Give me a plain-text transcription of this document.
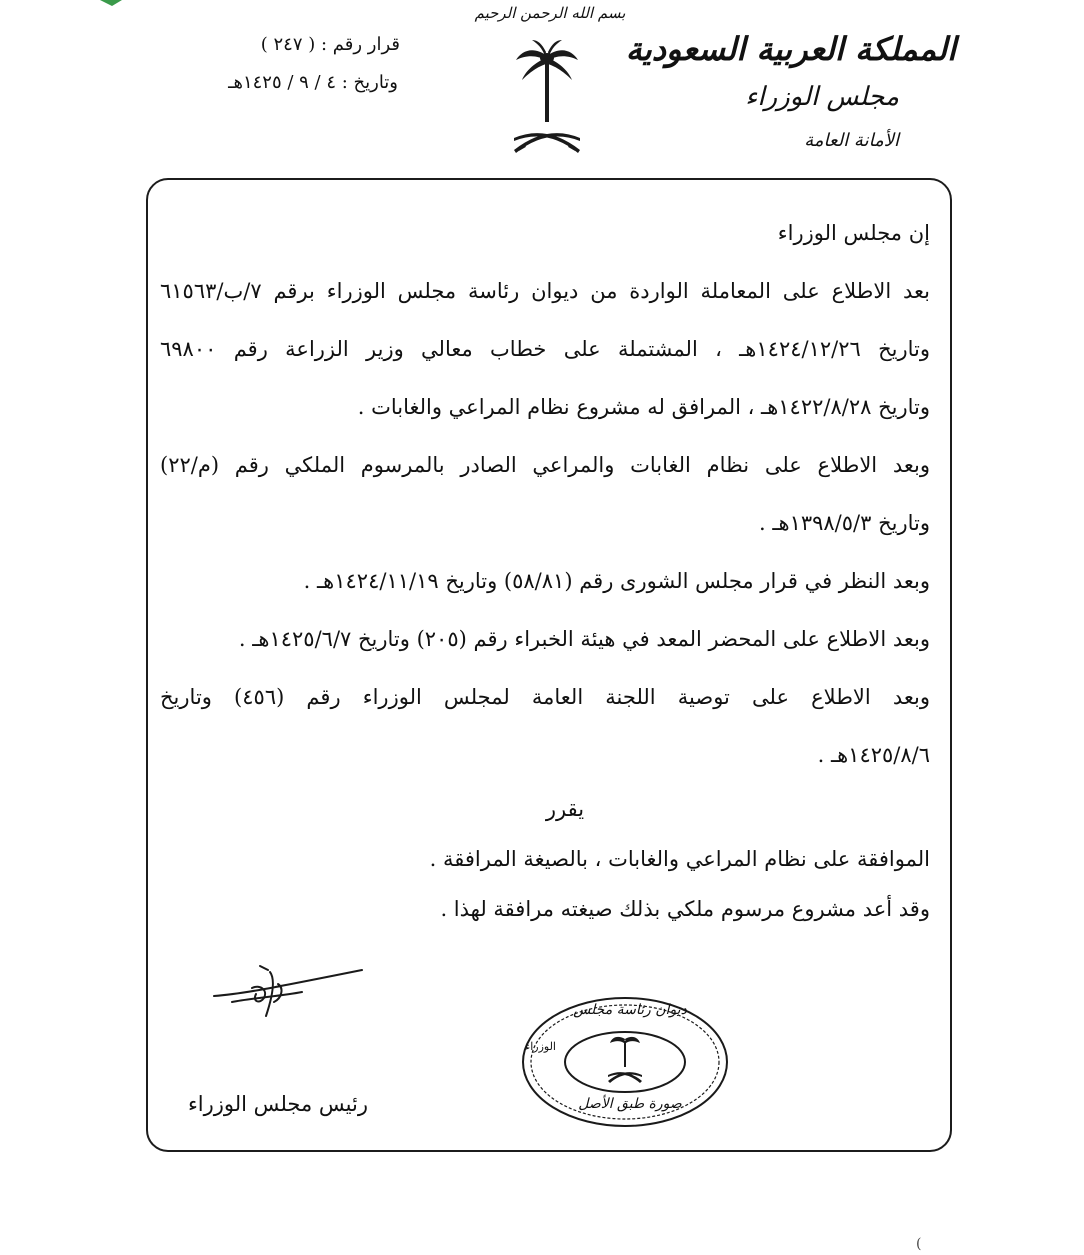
بسم الله الرحمن الرحيم
المملكة العربية السعودية
مجلس الوزراء
الأمانة العامة
قرار رقم : ( ٢٤٧ )
وتاريخ : ٤ / ٩ / ١٤٢٥هـ
إن مجلس الوزراء
بعد الاطلاع على المعاملة الواردة من ديوان رئاسة مجلس الوزراء برقم ٧/ب/٦١٥٦٣
وتاريخ ١٤٢٤/١٢/٢٦هـ ، المشتملة على خطاب معالي وزير الزراعة رقم ٦٩٨٠٠
وتاريخ ١٤٢٢/٨/٢٨هـ ، المرافق له مشروع نظام المراعي والغابات .
وبعد الاطلاع على نظام الغابات والمراعي الصادر بالمرسوم الملكي رقم (م/٢٢)
وتاريخ ١٣٩٨/٥/٣هـ .
وبعد النظر في قرار مجلس الشورى رقم (٥٨/٨١) وتاريخ ١٤٢٤/١١/١٩هـ .
وبعد الاطلاع على المحضر المعد في هيئة الخبراء رقم (٢٠٥) وتاريخ ١٤٢٥/٦/٧هـ .
وبعد الاطلاع على توصية اللجنة العامة لمجلس الوزراء رقم (٤٥٦) وتاريخ
١٤٢٥/٨/٦هـ .
يقرر
الموافقة على نظام المراعي والغابات ، بالصيغة المرافقة .
وقد أعد مشروع مرسوم ملكي بذلك صيغته مرافقة لهذا .
ديوان رئاسة مجلس
الوزراء
صورة طبق الأصل
رئيس مجلس الوزراء
(
